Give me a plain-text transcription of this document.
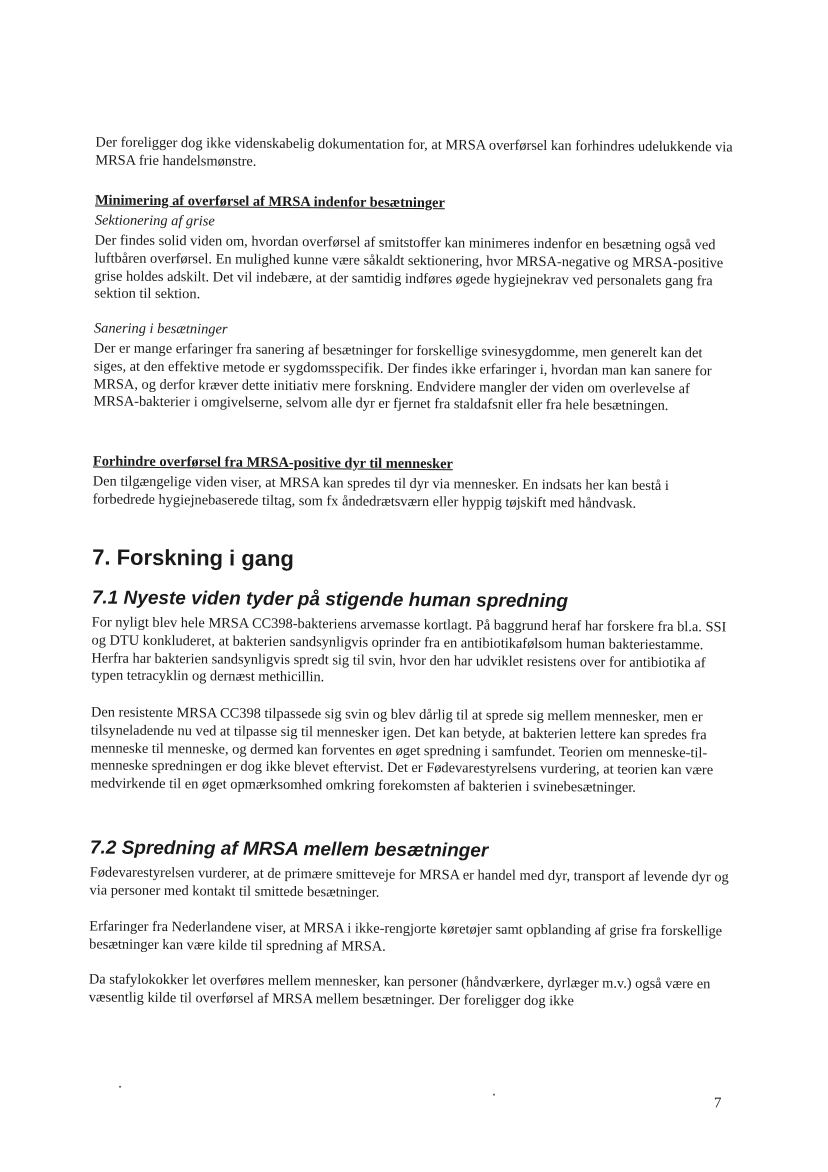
Der foreligger dog ikke videnskabelig dokumentation for, at MRSA overførsel kan forhindres udelukkende via MRSA frie handelsmønstre.

Minimering af overførsel af MRSA indenfor besætninger
Sektionering af grise

Der findes solid viden om, hvordan overførsel af smitstoffer kan minimeres indenfor en besætning også ved luftbåren overførsel. En mulighed kunne være såkaldt sektionering, hvor MRSA-negative og MRSA-positive grise holdes adskilt. Det vil indebære, at der samtidig indføres øgede hygiejnekrav ved personalets gang fra sektion til sektion.

Sanering i besætninger

Der er mange erfaringer fra sanering af besætninger for forskellige svinesygdomme, men generelt kan det siges, at den effektive metode er sygdomsspecifik. Der findes ikke erfaringer i, hvordan man kan sanere for MRSA, og derfor kræver dette initiativ mere forskning. Endvidere mangler der viden om overlevelse af MRSA-bakterier i omgivelserne, selvom alle dyr er fjernet fra staldafsnit eller fra hele besætningen.

Forhindre overførsel fra MRSA-positive dyr til mennesker

Den tilgængelige viden viser, at MRSA kan spredes til dyr via mennesker. En indsats her kan bestå i forbedrede hygiejnebaserede tiltag, som fx åndedrætsværn eller hyppig tøjskift med håndvask.

7. Forskning i gang
7.1 Nyeste viden tyder på stigende human spredning

For nyligt blev hele MRSA CC398-bakteriens arvemasse kortlagt. På baggrund heraf har forskere fra bl.a. SSI og DTU konkluderet, at bakterien sandsynligvis oprinder fra en antibiotikafølsom human bakteriestamme. Herfra har bakterien sandsynligvis spredt sig til svin, hvor den har udviklet resistens over for antibiotika af typen tetracyklin og dernæst methicillin.

Den resistente MRSA CC398 tilpassede sig svin og blev dårlig til at sprede sig mellem mennesker, men er tilsyneladende nu ved at tilpasse sig til mennesker igen. Det kan betyde, at bakterien lettere kan spredes fra menneske til menneske, og dermed kan forventes en øget spredning i samfundet. Teorien om menneske-til-menneske spredningen er dog ikke blevet eftervist. Det er Fødevarestyrelsens vurdering, at teorien kan være medvirkende til en øget opmærksomhed omkring forekomsten af bakterien i svinebesætninger.

7.2 Spredning af MRSA mellem besætninger

Fødevarestyrelsen vurderer, at de primære smitteveje for MRSA er handel med dyr, transport af levende dyr og via personer med kontakt til smittede besætninger.

Erfaringer fra Nederlandene viser, at MRSA i ikke-rengjorte køretøjer samt opblanding af grise fra forskellige besætninger kan være kilde til spredning af MRSA.

Da stafylokokker let overføres mellem mennesker, kan personer (håndværkere, dyrlæger m.v.) også være en væsentlig kilde til overførsel af MRSA mellem besætninger. Der foreligger dog ikke

7
